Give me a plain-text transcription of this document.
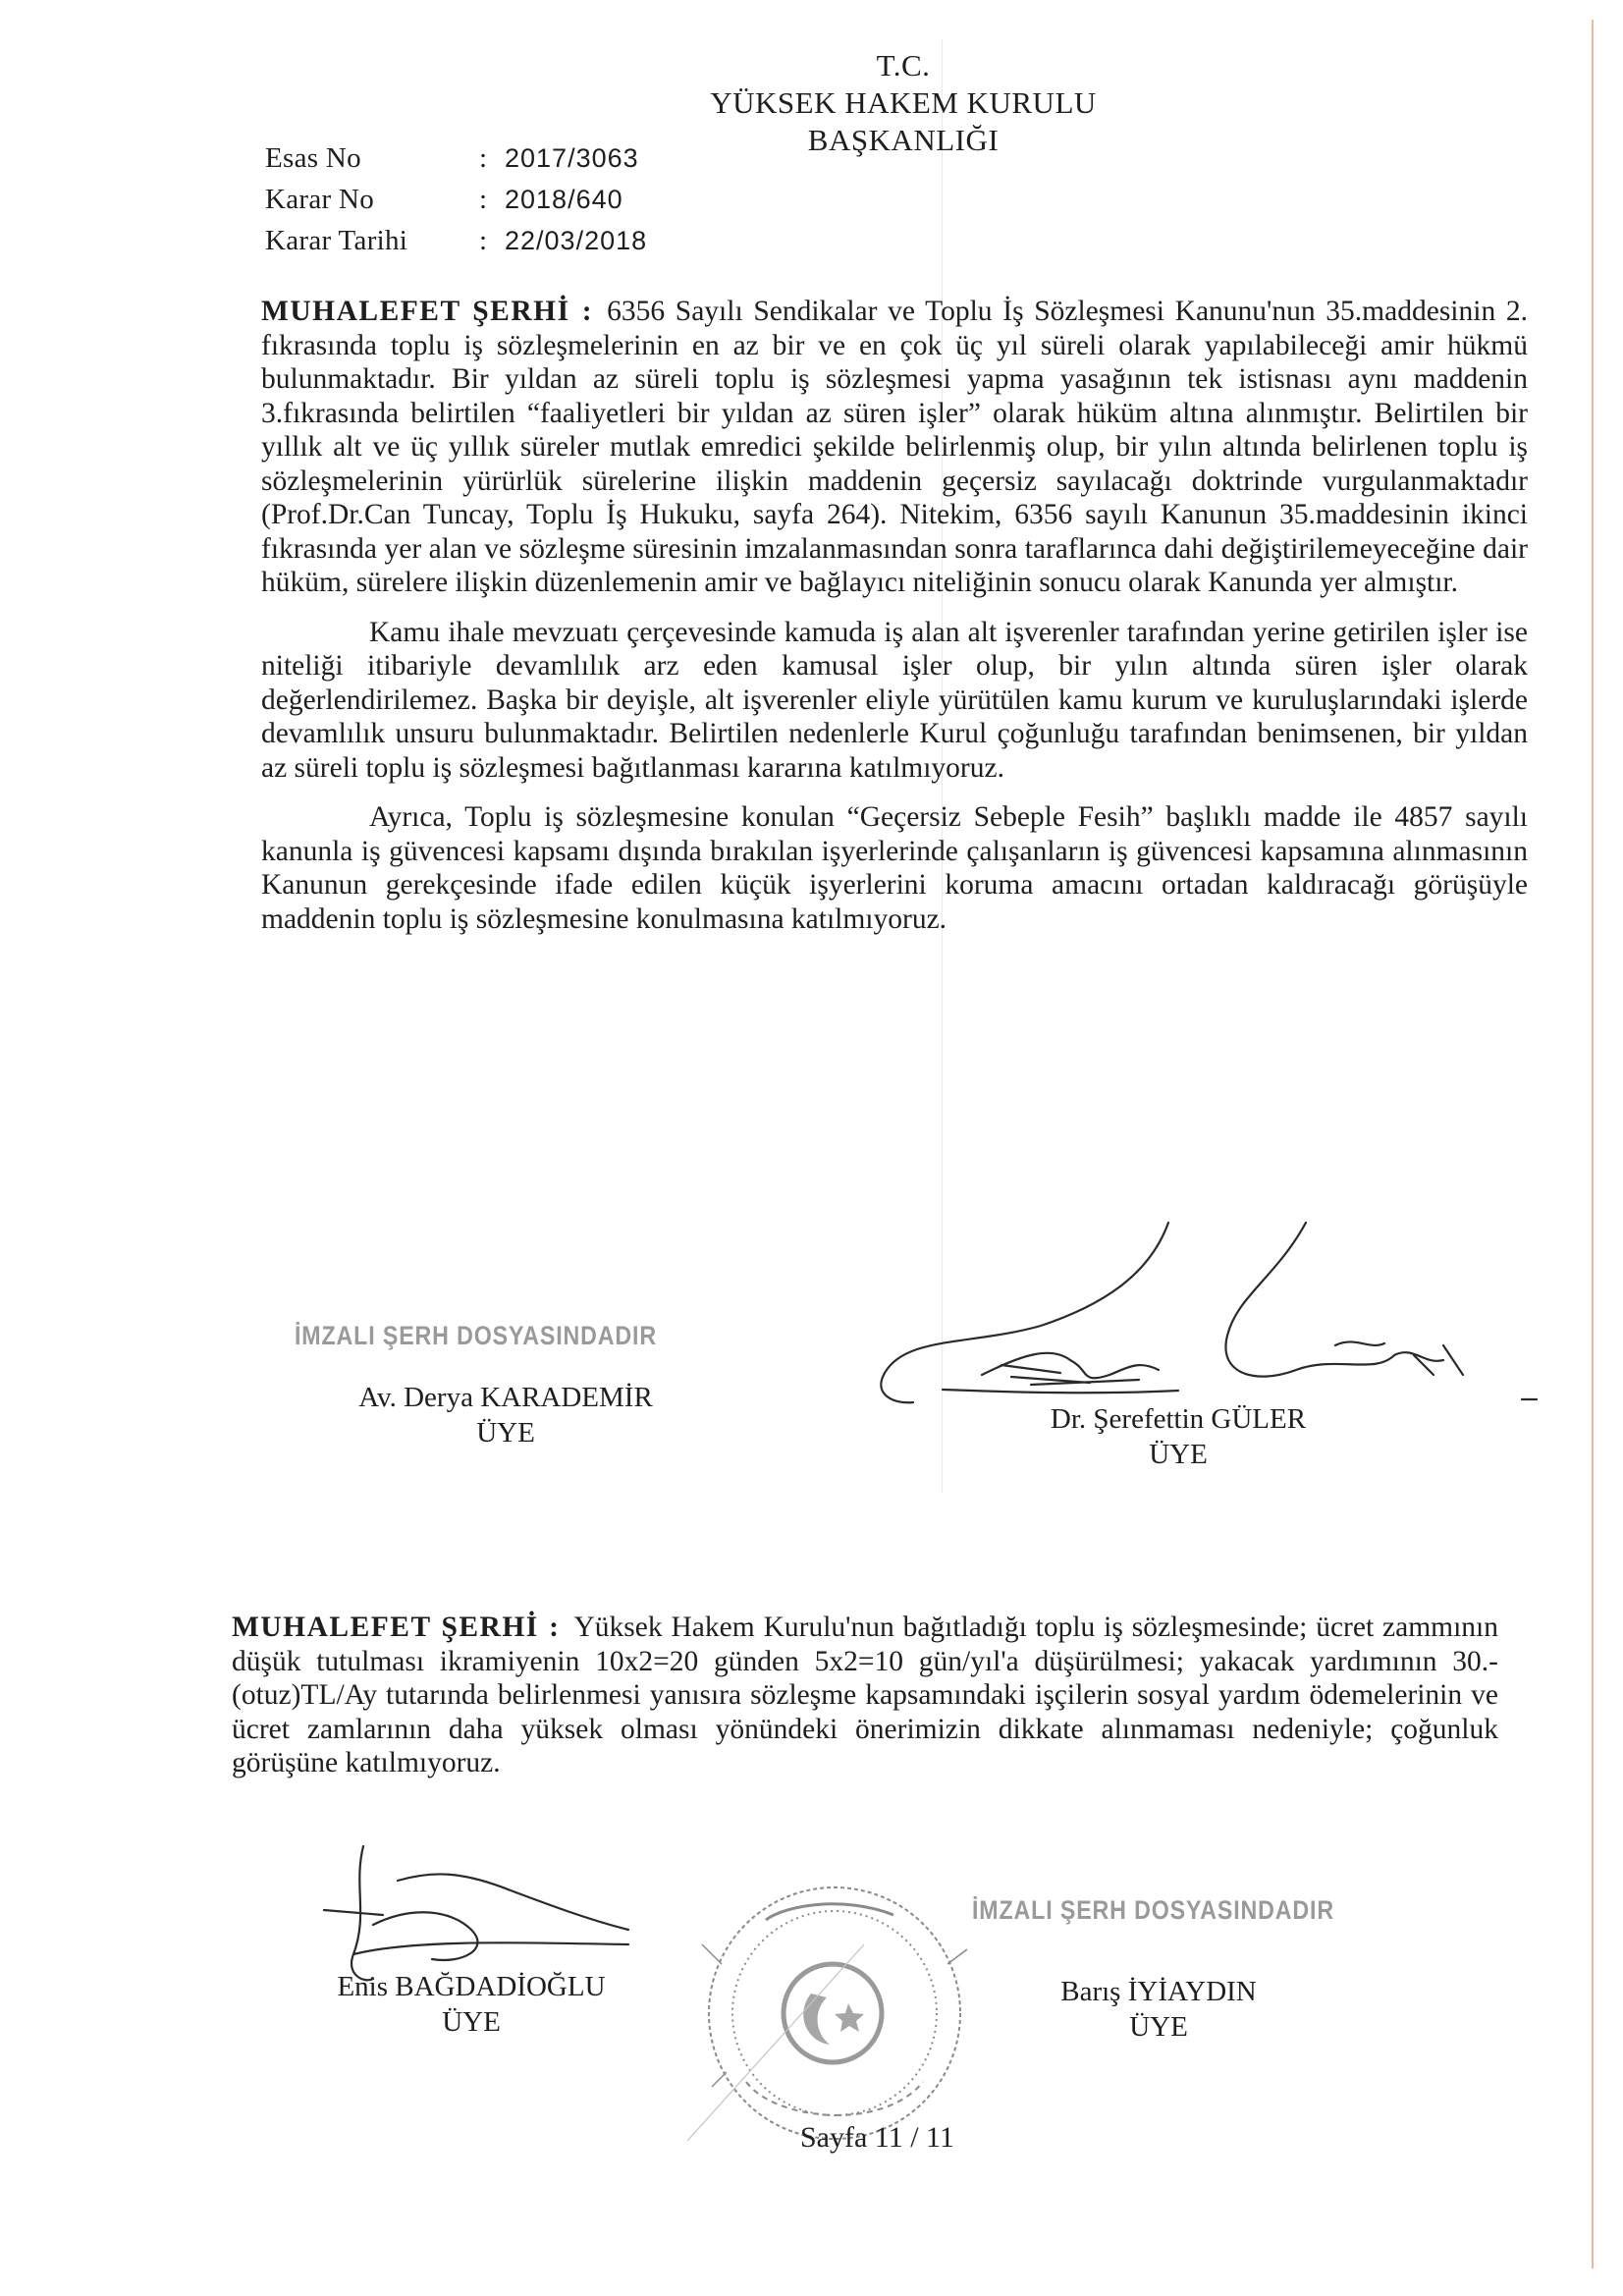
T.C.
YÜKSEK HAKEM KURULU
BAŞKANLIĞI
Esas No	: 2017/3063
Karar No	: 2018/640
Karar Tarihi	: 22/03/2018

MUHALEFET ŞERHİ : 6356 Sayılı Sendikalar ve Toplu İş Sözleşmesi Kanunu'nun 35.maddesinin 2. fıkrasında toplu iş sözleşmelerinin en az bir ve en çok üç yıl süreli olarak yapılabileceği amir hükmü bulunmaktadır. Bir yıldan az süreli toplu iş sözleşmesi yapma yasağının tek istisnası aynı maddenin 3.fıkrasında belirtilen “faaliyetleri bir yıldan az süren işler” olarak hüküm altına alınmıştır. Belirtilen bir yıllık alt ve üç yıllık süreler mutlak emredici şekilde belirlenmiş olup, bir yılın altında belirlenen toplu iş sözleşmelerinin yürürlük sürelerine ilişkin maddenin geçersiz sayılacağı doktrinde vurgulanmaktadır (Prof.Dr.Can Tuncay, Toplu İş Hukuku, sayfa 264). Nitekim, 6356 sayılı Kanunun 35.maddesinin ikinci fıkrasında yer alan ve sözleşme süresinin imzalanmasından sonra taraflarınca dahi değiştirilemeyeceğine dair hüküm, sürelere ilişkin düzenlemenin amir ve bağlayıcı niteliğinin sonucu olarak Kanunda yer almıştır.

Kamu ihale mevzuatı çerçevesinde kamuda iş alan alt işverenler tarafından yerine getirilen işler ise niteliği itibariyle devamlılık arz eden kamusal işler olup, bir yılın altında süren işler olarak değerlendirilemez. Başka bir deyişle, alt işverenler eliyle yürütülen kamu kurum ve kuruluşlarındaki işlerde devamlılık unsuru bulunmaktadır. Belirtilen nedenlerle Kurul çoğunluğu tarafından benimsenen, bir yıldan az süreli toplu iş sözleşmesi bağıtlanması kararına katılmıyoruz.

Ayrıca, Toplu iş sözleşmesine konulan “Geçersiz Sebeple Fesih” başlıklı madde ile 4857 sayılı kanunla iş güvencesi kapsamı dışında bırakılan işyerlerinde çalışanların iş güvencesi kapsamına alınmasının Kanunun gerekçesinde ifade edilen küçük işyerlerini koruma amacını ortadan kaldıracağı görüşüyle maddenin toplu iş sözleşmesine konulmasına katılmıyoruz.

İMZALI ŞERH DOSYASINDADIR
Av. Derya KARADEMİR
ÜYE	Dr. Şerefettin GÜLER
ÜYE

MUHALEFET ŞERHİ : Yüksek Hakem Kurulu'nun bağıtladığı toplu iş sözleşmesinde; ücret zammının düşük tutulması ikramiyenin 10x2=20 günden 5x2=10 gün/yıl'a düşürülmesi; yakacak yardımının 30.-(otuz)TL/Ay tutarında belirlenmesi yanısıra sözleşme kapsamındaki işçilerin sosyal yardım ödemelerinin ve ücret zamlarının daha yüksek olması yönündeki önerimizin dikkate alınmaması nedeniyle; çoğunluk görüşüne katılmıyoruz.

İMZALI ŞERH DOSYASINDADIR
Enis BAĞDADİOĞLU
ÜYE
Barış İYİAYDIN
ÜYE
Sayfa 11 / 11
